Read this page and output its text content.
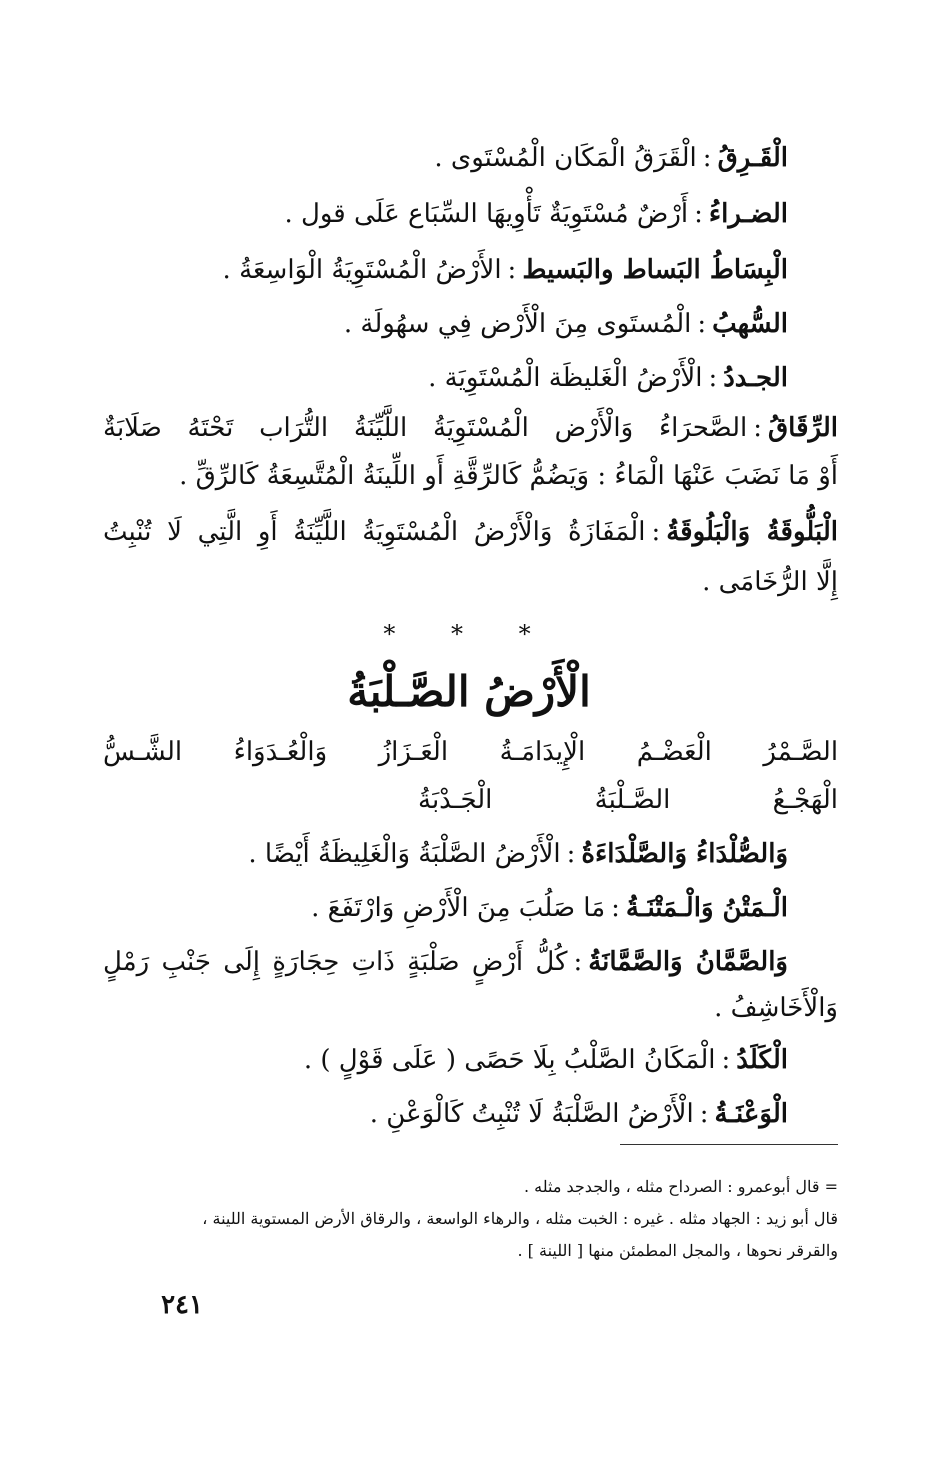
الْقَـرِقُ:الْقَرَقُ الْمَكَان الْمُسْتَوى .
الضـراءُ:أَرْضٌ مُسْتَوِيَةٌ تَأْوِيهَا السِّبَاع عَلَى قول .
الْبِسَاطُ البَساط والبَسيط:الأَرْضُ الْمُسْتَوِيَةُ الْوَاسِعَةُ .
السُّهبُ:الْمُستَوى مِنَ الْأَرْض فِي سهُولَة .
الجـددُ:الْأَرْضُ الْغَليظَة الْمُسْتَوِيَة .
الرِّقَاقُ:الصَّحرَاءُ وَالْأَرْض الْمُسْتَوِيَةُ اللَّيِّنَةُ التُّرَاب تَحْتَهُ صَلَابَةٌ
أَوْ مَا نَضَبَ عَنْهَا الْمَاءُ : وَيَضُمُّ كَالرِّقَّةِ أَو اللِّينَةُ الْمُتَّسِعَةُ كَالرِّقِّ .
الْبَلُّوقَةُ وَالْبَلُوقَةُ:الْمَفَازَةُ وَالْأَرْضُ الْمُسْتَوِيَةُ اللَّيِّنَةُ أَوِ الَّتِي لَا تُنْبِتُ
إِلَّا الرُّخَامَى .
* * *
الْأَرْضُ الصَّـلْبَةُ
الصَّـمْرُ الْعَضْـمُ الْإِيدَامَـةُ الْعَـزَازُ وَالْعُـدَوَاءُ الشَّـسُّ
الْهَجْـعُ الصَّـلْبَةُ الْجَـدْبَةُ
وَالصُّلْدَاءُ وَالصَّلْدَاءَةُ:الْأَرْضُ الصَّلْبَةُ وَالْغَلِيظَةُ أَيْضًا .
الْـمَتْنُ وَالْـمَتْنَـةُ:مَا صَلُبَ مِنَ الْأَرْضِ وَارْتَفَعَ .
وَالصَّمَّانُ وَالصَّمَّانَةُ:كُلُّ أَرْضٍ صَلْبَةٍ ذَاتِ حِجَارَةٍ إِلَى جَنْبِ رَمْلٍ
وَالْأَخَاشِفُ .
الْكَلَدُ:الْمَكَانُ الصَّلْبُ بِلَا حَصًى ( عَلَى قَوْلٍ ) .
الْوَعْنَـةُ:الْأَرْضُ الصَّلْبَةُ لَا تُنْبِتُ كَالْوَعْنِ .
= قال أبوعمرو : الصرداح مثله ، والجدجد مثله .
قال أبو زيد : الجهاد مثله . غيره : الخبت مثله ، والرهاء الواسعة ، والرقاق الأرض المستوية اللينة ،
والقرقر نحوها ، والمجل المطمئن منها [ اللينة ] .
٢٤١
